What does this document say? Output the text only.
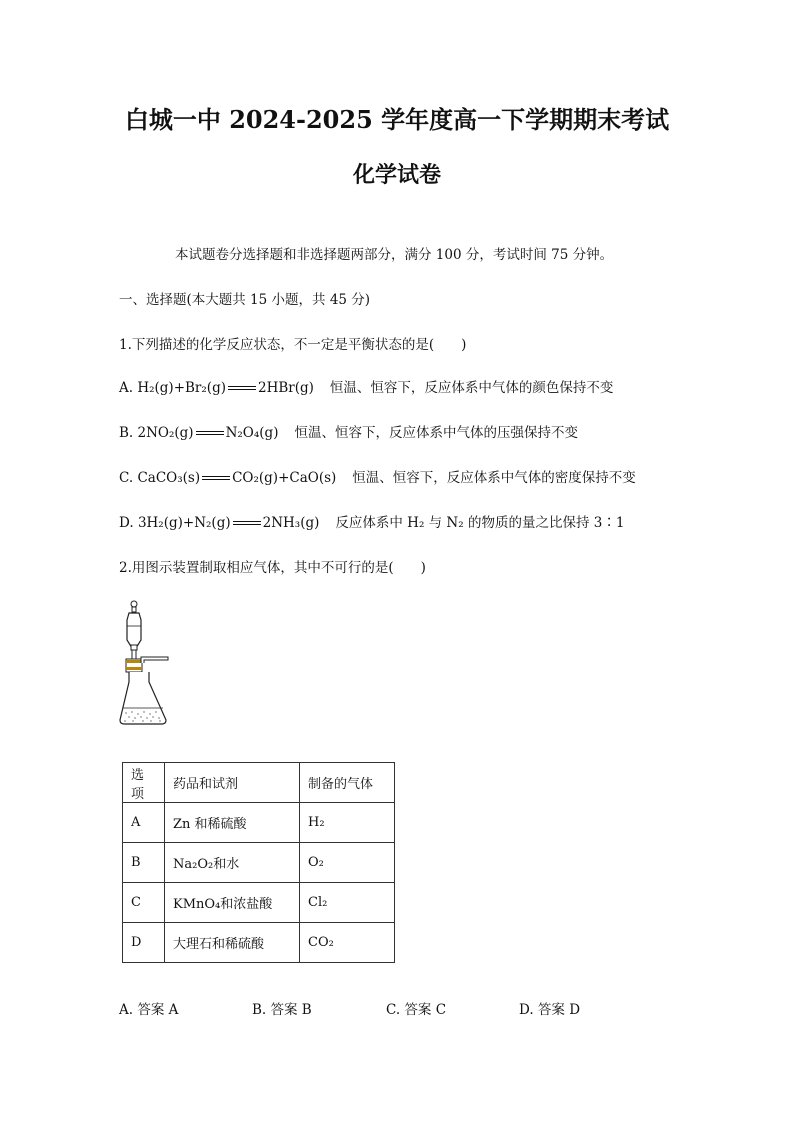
白城一中 2024-2025 学年度高一下学期期末考试
化学试卷
本试题卷分选择题和非选择题两部分，满分 100 分，考试时间 75 分钟。
一、选择题(本大题共 15 小题，共 45 分)
1.下列描述的化学反应状态，不一定是平衡状态的是(　　)
A. H₂(g)+Br₂(g) 2HBr(g) 恒温、恒容下，反应体系中气体的颜色保持不变
B. 2NO₂(g) N₂O₄(g) 恒温、恒容下，反应体系中气体的压强保持不变
C. CaCO₃(s) CO₂(g)+CaO(s) 恒温、恒容下，反应体系中气体的密度保持不变
D. 3H₂(g)+N₂(g) 2NH₃(g) 反应体系中 H₂ 与 N₂ 的物质的量之比保持 3∶1
2.用图示装置制取相应气体，其中不可行的是(　　)
选项	药品和试剂	制备的气体
A	Zn 和稀硫酸	H₂
B	Na₂O₂和水	O₂
C	KMnO₄和浓盐酸	Cl₂
D	大理石和稀硫酸	CO₂
A. 答案 A	B. 答案 B	C. 答案 C	D. 答案 D
